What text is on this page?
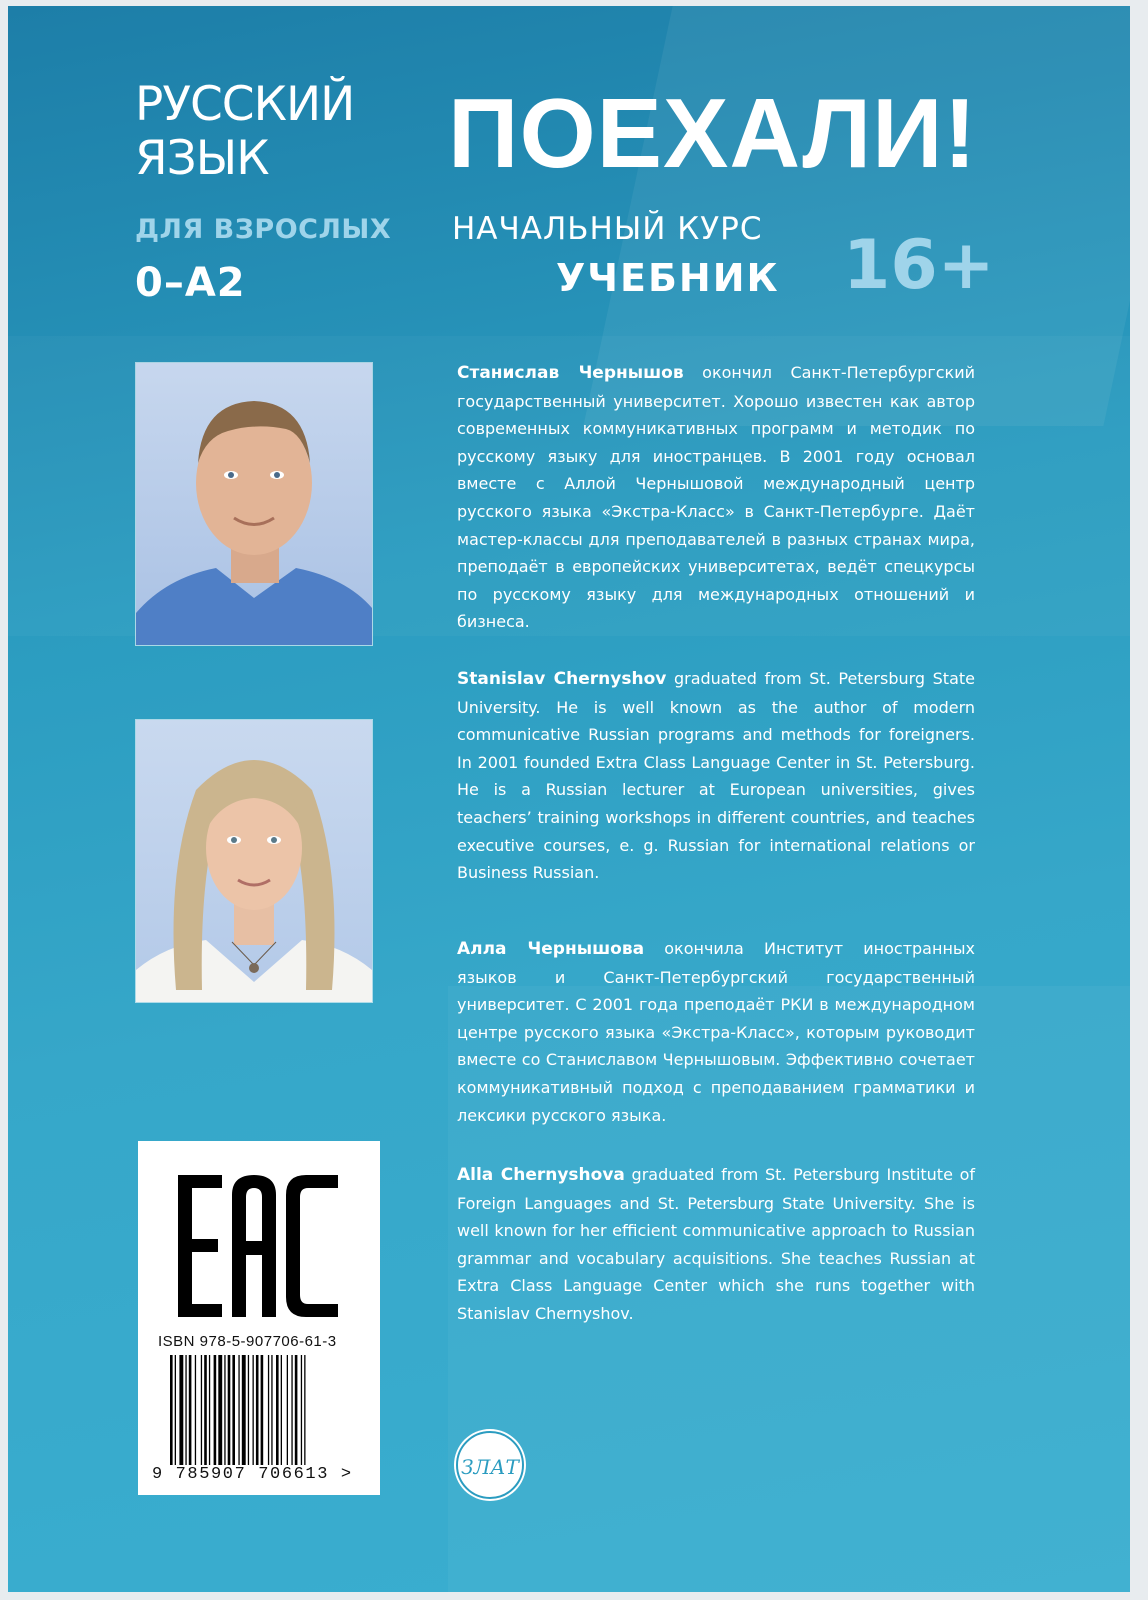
РУССКИЙ
ЯЗЫК
ДЛЯ ВЗРОСЛЫХ
0–А2
ПОЕХАЛИ!
НАЧАЛЬНЫЙ КУРС
УЧЕБНИК 16+

Станислав Чернышов окончил Санкт-Петербургский государственный университет. Хорошо известен как автор современных коммуникативных программ и методик по русскому языку для иностранцев. В 2001 году основал вместе с Аллой Чернышовой международный центр русского языка «Экстра-Класс» в Санкт-Петербурге. Даёт мастер-классы для преподавателей в разных странах мира, преподаёт в европейских университетах, ведёт спецкурсы по русскому языку для международных отношений и бизнеса.

Stanislav Chernyshov graduated from St. Petersburg State University. He is well known as the author of modern communicative Russian programs and methods for foreigners. In 2001 founded Extra Class Language Center in St. Petersburg. He is a Russian lecturer at European universities, gives teachers’ training workshops in different countries, and teaches executive courses, e. g. Russian for international relations or Business Russian.

Алла Чернышова окончила Институт иностранных языков и Санкт-Петербургский государственный университет. С 2001 года преподаёт РКИ в международном центре русского языка «Экстра-Класс», которым руководит вместе со Станиславом Чернышовым. Эффективно сочетает коммуникативный подход с преподаванием грамматики и лексики русского языка.

Alla Chernyshova graduated from St. Petersburg Institute of Foreign Languages and St. Petersburg State University. She is well known for her efficient communicative approach to Russian grammar and vocabulary acquisitions. She teaches Russian at Extra Class Language Center which she runs together with Stanislav Chernyshov.

ISBN 978-5-907706-61-3
9 785907 706613 >	ЗЛАТ
